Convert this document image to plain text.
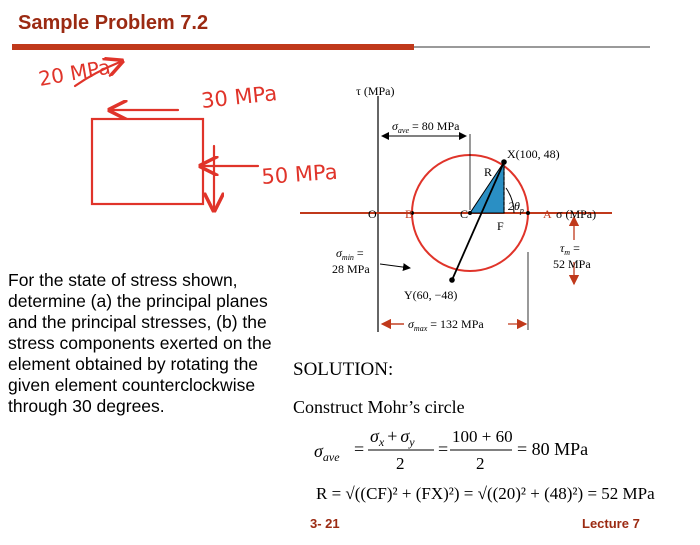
Sample Problem 7.2
20 MPa
30 MPa
50 MPa
τ (MPa)
O B	C
R
F
A σ (MPa)
X(100, 48)
Y(60, −48)
$2\theta_p$
$\sigma_{ave} = 80$ MPa
$\sigma_{min}$ =
28 MPa
$\sigma_{max} = 132$ MPa
$\tau_m$ =
52 MPa
$\sigma_{ave}$ =
$\sigma_x + \sigma_y$
2
=
100 + 60
2
= 80 MPa
R = √((CF)² + (FX)²) = √((20)² + (48)²) = 52 MPa
For the state of stress shown, determine (a) the principal planes and the principal stresses, (b) the stress components exerted on the element obtained by rotating the given element counterclockwise through 30 degrees.
SOLUTION:
Construct Mohr’s circle
3- 21	Lecture 7
